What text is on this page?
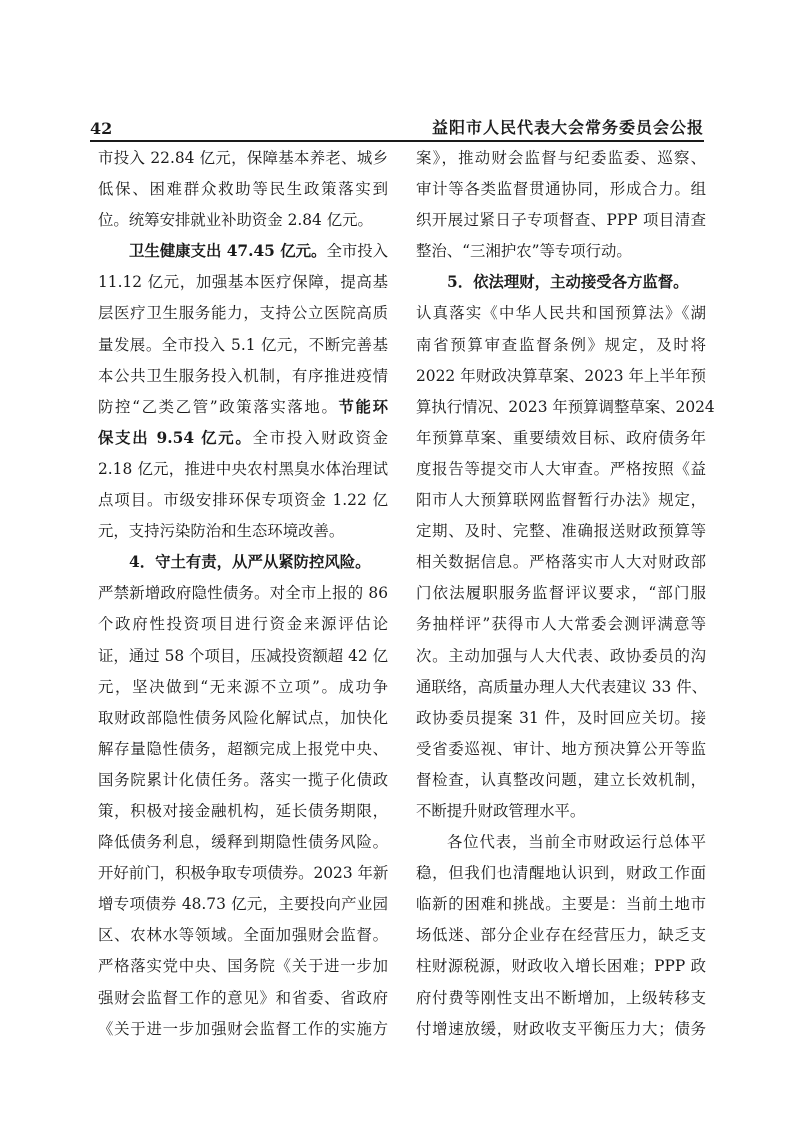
42	益阳市人民代表大会常务委员会公报
市投入 22.84 亿元，保障基本养老、城乡
低保、困难群众救助等民生政策落实到
位。统筹安排就业补助资金 2.84 亿元。
卫生健康支出 47.45 亿元。全市投入
11.12 亿元，加强基本医疗保障，提高基
层医疗卫生服务能力，支持公立医院高质
量发展。全市投入 5.1 亿元，不断完善基
本公共卫生服务投入机制，有序推进疫情
防控“乙类乙管”政策落实落地。节能环
保支出 9.54 亿元。全市投入财政资金
2.18 亿元，推进中央农村黑臭水体治理试
点项目。市级安排环保专项资金 1.22 亿
元，支持污染防治和生态环境改善。
4．守土有责，从严从紧防控风险。
严禁新增政府隐性债务。对全市上报的 86
个政府性投资项目进行资金来源评估论
证，通过 58 个项目，压减投资额超 42 亿
元，坚决做到“无来源不立项”。成功争
取财政部隐性债务风险化解试点，加快化
解存量隐性债务，超额完成上报党中央、
国务院累计化债任务。落实一揽子化债政
策，积极对接金融机构，延长债务期限，
降低债务利息，缓释到期隐性债务风险。
开好前门，积极争取专项债券。2023 年新
增专项债券 48.73 亿元，主要投向产业园
区、农林水等领域。全面加强财会监督。
严格落实党中央、国务院《关于进一步加
强财会监督工作的意见》和省委、省政府
《关于进一步加强财会监督工作的实施方
案》，推动财会监督与纪委监委、巡察、
审计等各类监督贯通协同，形成合力。组
织开展过紧日子专项督查、PPP 项目清查
整治、“三湘护农”等专项行动。
5．依法理财，主动接受各方监督。
认真落实《中华人民共和国预算法》《湖
南省预算审查监督条例》规定，及时将
2022 年财政决算草案、2023 年上半年预
算执行情况、2023 年预算调整草案、2024
年预算草案、重要绩效目标、政府债务年
度报告等提交市人大审查。严格按照《益
阳市人大预算联网监督暂行办法》规定，
定期、及时、完整、准确报送财政预算等
相关数据信息。严格落实市人大对财政部
门依法履职服务监督评议要求，“部门服
务抽样评”获得市人大常委会测评满意等
次。主动加强与人大代表、政协委员的沟
通联络，高质量办理人大代表建议 33 件、
政协委员提案 31 件，及时回应关切。接
受省委巡视、审计、地方预决算公开等监
督检查，认真整改问题，建立长效机制，
不断提升财政管理水平。
各位代表，当前全市财政运行总体平
稳，但我们也清醒地认识到，财政工作面
临新的困难和挑战。主要是：当前土地市
场低迷、部分企业存在经营压力，缺乏支
柱财源税源，财政收入增长困难；PPP 政
府付费等刚性支出不断增加，上级转移支
付增速放缓，财政收支平衡压力大；债务
